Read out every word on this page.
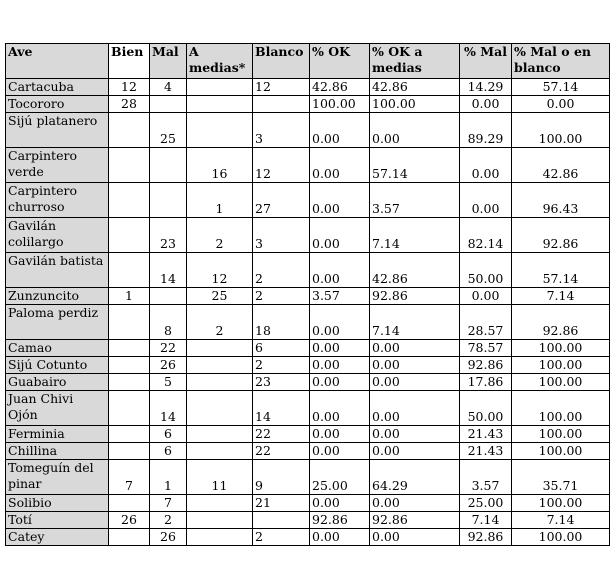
Ave	Bien	Mal	A medias*	Blanco	% OK	% OK a medias	% Mal	% Mal o en blanco
Cartacuba	12	4		12	42.86	42.86	14.29	57.14
Tocororo	28				100.00	100.00	0.00	0.00
Sijú platanero		25		3	0.00	0.00	89.29	100.00
Carpintero verde			16	12	0.00	57.14	0.00	42.86
Carpintero churroso			1	27	0.00	3.57	0.00	96.43
Gavilán colilargo		23	2	3	0.00	7.14	82.14	92.86
Gavilán batista		14	12	2	0.00	42.86	50.00	57.14
Zunzuncito	1		25	2	3.57	92.86	0.00	7.14
Paloma perdiz		8	2	18	0.00	7.14	28.57	92.86
Camao		22		6	0.00	0.00	78.57	100.00
Sijú Cotunto		26		2	0.00	0.00	92.86	100.00
Guabairo		5		23	0.00	0.00	17.86	100.00
Juan Chivi Ojón		14		14	0.00	0.00	50.00	100.00
Ferminia		6		22	0.00	0.00	21.43	100.00
Chillina		6		22	0.00	0.00	21.43	100.00
Tomeguín del pinar	7	1	11	9	25.00	64.29	3.57	35.71
Solibio		7		21	0.00	0.00	25.00	100.00
Totí	26	2			92.86	92.86	7.14	7.14
Catey		26		2	0.00	0.00	92.86	100.00
